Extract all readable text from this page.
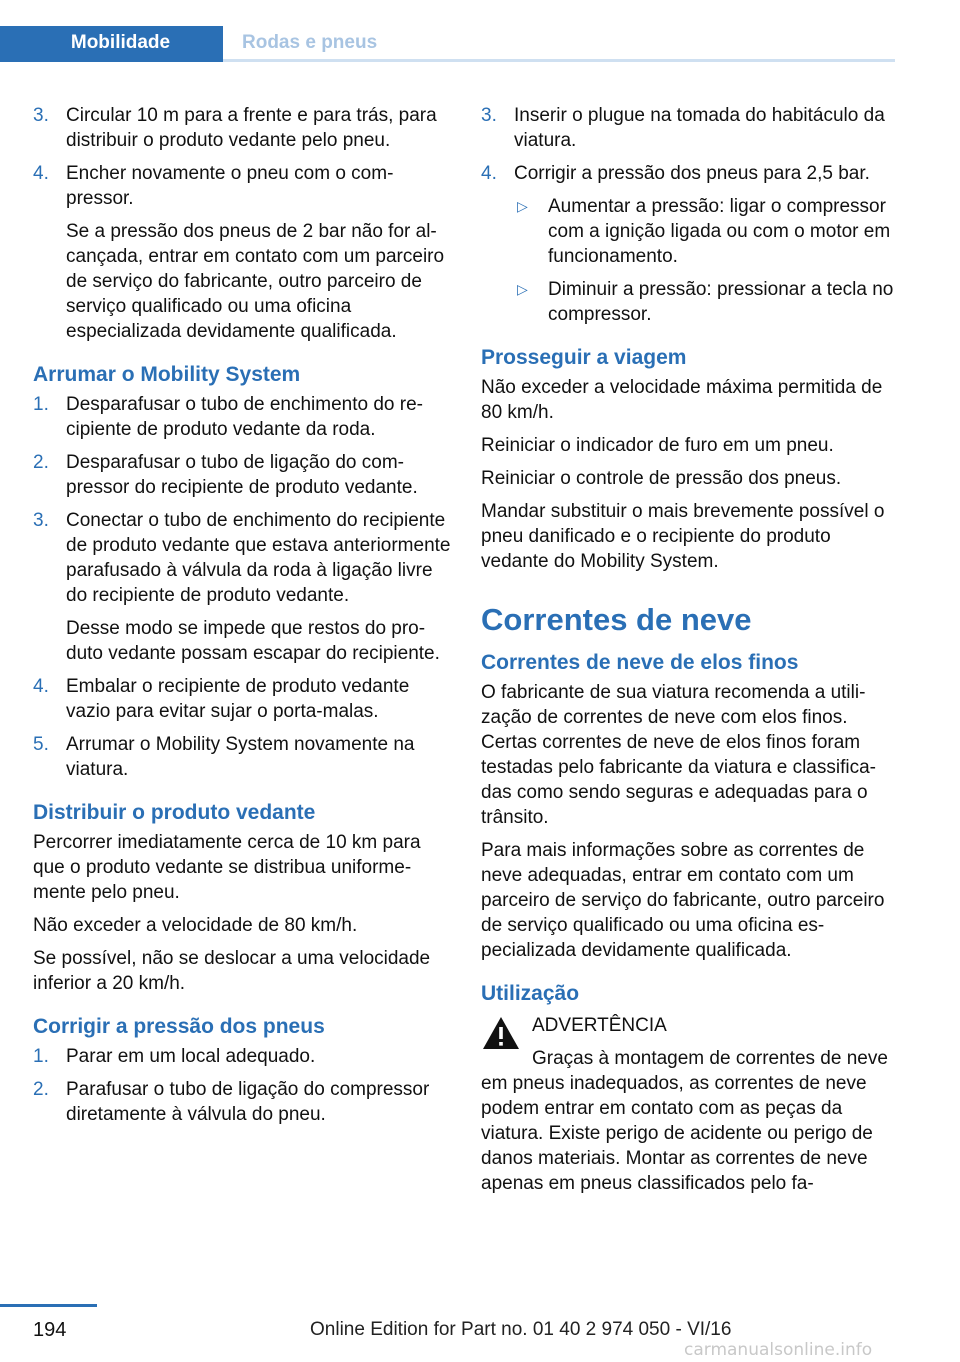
Mobilidade	Rodas e pneus
3. Circular 10 m para a frente e para trás, para distribuir o produto vedante pelo pneu.

4. Encher novamente o pneu com o compressor.

Se a pressão dos pneus de 2 bar não for alcançada, entrar em contato com um parceiro de serviço do fabricante, outro parceiro de serviço qualificado ou uma oficina especializada devidamente qualificada.

Arrumar o Mobility System
1. Desparafusar o tubo de enchimento do recipiente de produto vedante da roda.

2. Desparafusar o tubo de ligação do compressor do recipiente de produto vedante.

3. Conectar o tubo de enchimento do recipiente de produto vedante que estava anteriormente parafusado à válvula da roda à ligação livre do recipiente de produto vedante.

Desse modo se impede que restos do produto vedante possam escapar do recipiente.

4. Embalar o recipiente de produto vedante vazio para evitar sujar o porta-malas.

5. Arrumar o Mobility System novamente na viatura.

Distribuir o produto vedante

Percorrer imediatamente cerca de 10 km para que o produto vedante se distribua uniformemente pelo pneu.

Não exceder a velocidade de 80 km/h.

Se possível, não se deslocar a uma velocidade inferior a 20 km/h.

Corrigir a pressão dos pneus
1. Parar em um local adequado.

2. Parafusar o tubo de ligação do compressor diretamente à válvula do pneu.

3. Inserir o plugue na tomada do habitáculo da viatura.

4. Corrigir a pressão dos pneus para 2,5 bar.

▷ Aumentar a pressão: ligar o compressor com a ignição ligada ou com o motor em funcionamento.
▷ Diminuir a pressão: pressionar a tecla no compressor.
Prosseguir a viagem

Não exceder a velocidade máxima permitida de 80 km/h.

Reiniciar o indicador de furo em um pneu.

Reiniciar o controle de pressão dos pneus.

Mandar substituir o mais brevemente possível o pneu danificado e o recipiente do produto vedante do Mobility System.

Correntes de neve
Correntes de neve de elos finos

O fabricante de sua viatura recomenda a utilização de correntes de neve com elos finos. Certas correntes de neve de elos finos foram testadas pelo fabricante da viatura e classificadas como sendo seguras e adequadas para o trânsito.

Para mais informações sobre as correntes de neve adequadas, entrar em contato com um parceiro de serviço do fabricante, outro parceiro de serviço qualificado ou uma oficina especializada devidamente qualificada.

Utilização

ADVERTÊNCIA

Graças à montagem de correntes de neve em pneus inadequados, as correntes de neve podem entrar em contato com as peças da viatura. Existe perigo de acidente ou perigo de danos materiais. Montar as correntes de neve apenas em pneus classificados pelo fa-

194	Online Edition for Part no. 01 40 2 974 050 - VI/16
carmanualsonline.info
